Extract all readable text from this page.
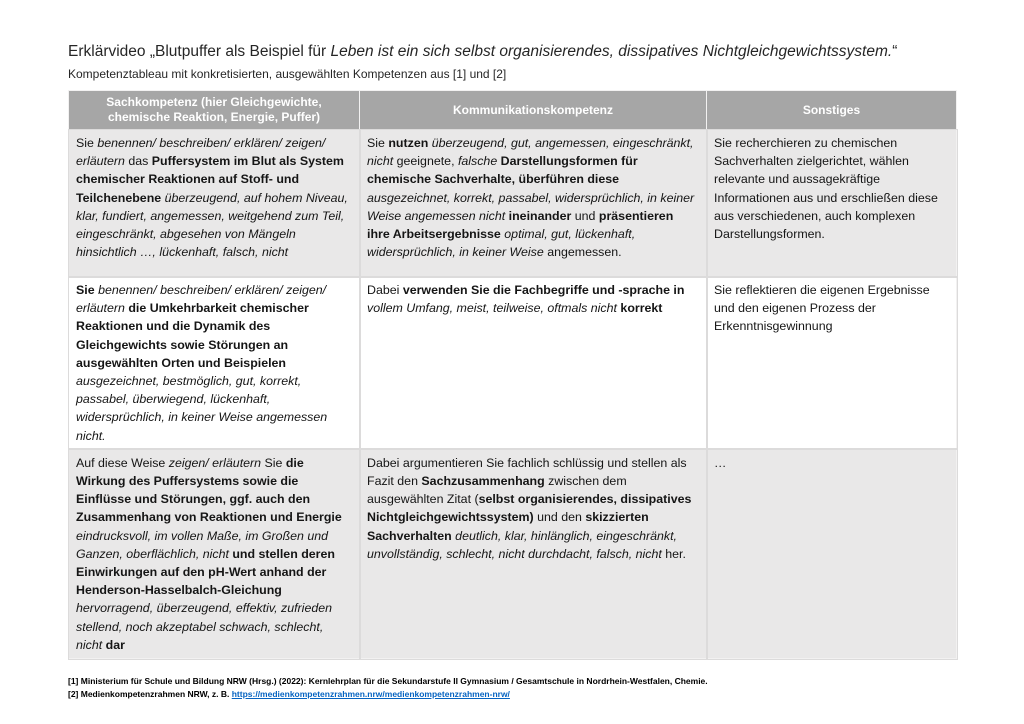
Erklärvideo „Blutpuffer als Beispiel für Leben ist ein sich selbst organisierendes, dissipatives Nichtgleichgewichtssystem.“
Kompetenztableau mit konkretisierten, ausgewählten Kompetenzen aus [1] und [2]
Sachkompetenz (hier Gleichgewichte, chemische Reaktion, Energie, Puffer)	Kommunikationskompetenz	Sonstiges
Sie benennen/ beschreiben/ erklären/ zeigen/ erläutern das Puffersystem im Blut als System chemischer Reaktionen auf Stoff- und Teilchenebene überzeugend, auf hohem Niveau, klar, fundiert, angemessen, weitgehend zum Teil, eingeschränkt, abgesehen von Mängeln hinsichtlich …, lückenhaft, falsch, nicht	Sie nutzen überzeugend, gut, angemessen, eingeschränkt, nicht geeignete, falsche Darstellungsformen für chemische Sachverhalte, überführen diese ausgezeichnet, korrekt, passabel, widersprüchlich, in keiner Weise angemessen nicht ineinander und präsentieren ihre Arbeitsergebnisse optimal, gut, lückenhaft, widersprüchlich, in keiner Weise angemessen.	Sie recherchieren zu chemischen Sachverhalten zielgerichtet, wählen relevante und aussagekräftige Informationen aus und erschließen diese aus verschiedenen, auch komplexen Darstellungsformen.
Sie benennen/ beschreiben/ erklären/ zeigen/ erläutern die Umkehrbarkeit chemischer Reaktionen und die Dynamik des Gleichgewichts sowie Störungen an ausgewählten Orten und Beispielen ausgezeichnet, bestmöglich, gut, korrekt, passabel, überwiegend, lückenhaft, widersprüchlich, in keiner Weise angemessen nicht.	Dabei verwenden Sie die Fachbegriffe und -sprache in vollem Umfang, meist, teilweise, oftmals nicht korrekt	Sie reflektieren die eigenen Ergebnisse und den eigenen Prozess der Erkenntnisgewinnung
Auf diese Weise zeigen/ erläutern Sie die Wirkung des Puffersystems sowie die Einflüsse und Störungen, ggf. auch den Zusammenhang von Reaktionen und Energie eindrucksvoll, im vollen Maße, im Großen und Ganzen, oberflächlich, nicht und stellen deren Einwirkungen auf den pH-Wert anhand der Henderson-Hasselbalch-Gleichung hervorragend, überzeugend, effektiv, zufrieden stellend, noch akzeptabel schwach, schlecht, nicht dar	Dabei argumentieren Sie fachlich schlüssig und stellen als Fazit den Sachzusammenhang zwischen dem ausgewählten Zitat (selbst organisierendes, dissipatives Nichtgleichgewichtssystem) und den skizzierten Sachverhalten deutlich, klar, hinlänglich, eingeschränkt, unvollständig, schlecht, nicht durchdacht, falsch, nicht her.	…
[1] Ministerium für Schule und Bildung NRW (Hrsg.) (2022): Kernlehrplan für die Sekundarstufe II Gymnasium / Gesamtschule in Nordrhein-Westfalen, Chemie.
[2] Medienkompetenzrahmen NRW, z. B. https://medienkompetenzrahmen.nrw/medienkompetenzrahmen-nrw/
